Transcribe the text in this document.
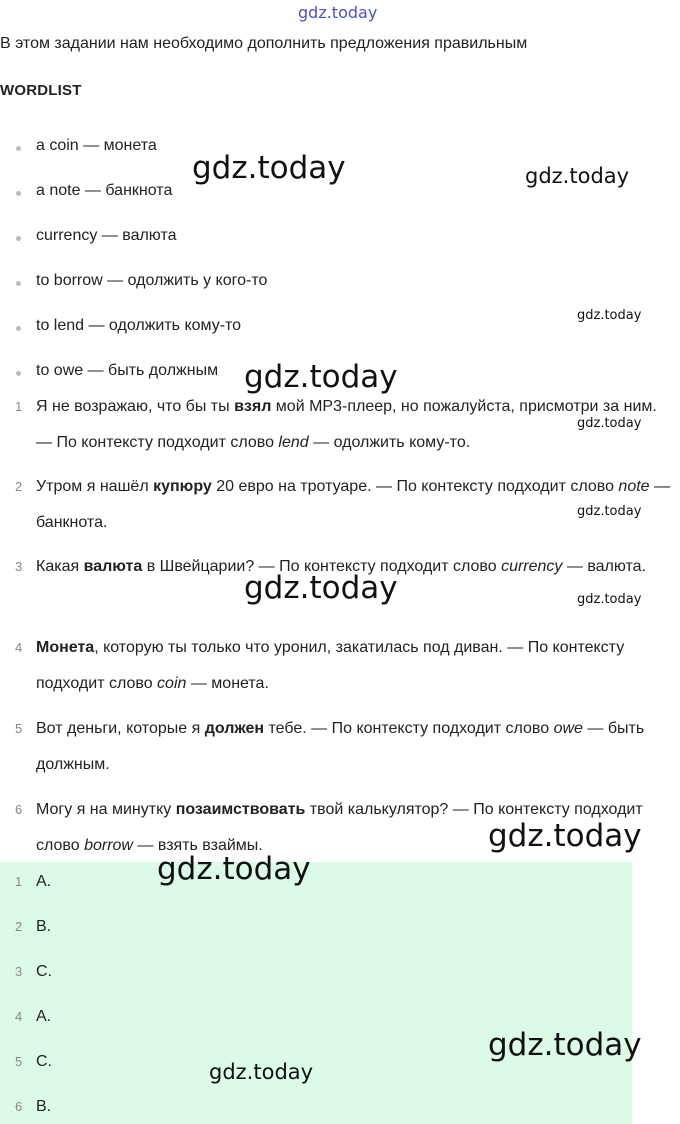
gdz.today
В этом задании нам необходимо дополнить предложения правильным
WORDLIST
a coin — монета
a note — банкнота
currency — валюта
to borrow — одолжить у кого-то
to lend — одолжить кому-то
to owe — быть должным
1 Я не возражаю, что бы ты взял мой MP3-плеер, но пожалуйста, присмотри за ним. — По контексту подходит слово lend — одолжить кому-то.
2 Утром я нашёл купюру 20 евро на тротуаре. — По контексту подходит слово note — банкнота.
3 Какая валюта в Швейцарии? — По контексту подходит слово currency — валюта.
4 Монета, которую ты только что уронил, закатилась под диван. — По контексту подходит слово coin — монета.
5 Вот деньги, которые я должен тебе. — По контексту подходит слово owe — быть должным.
6 Могу я на минутку позаимствовать твой калькулятор? — По контексту подходит слово borrow — взять взаймы.
1 A.
2 B.
3 C.
4 A.
5 C.
6 B.
gdz.today	gdz.today
gdz.today
gdz.today
gdz.today
gdz.today
gdz.today	gdz.today
gdz.today
gdz.today
gdz.today
gdz.today
